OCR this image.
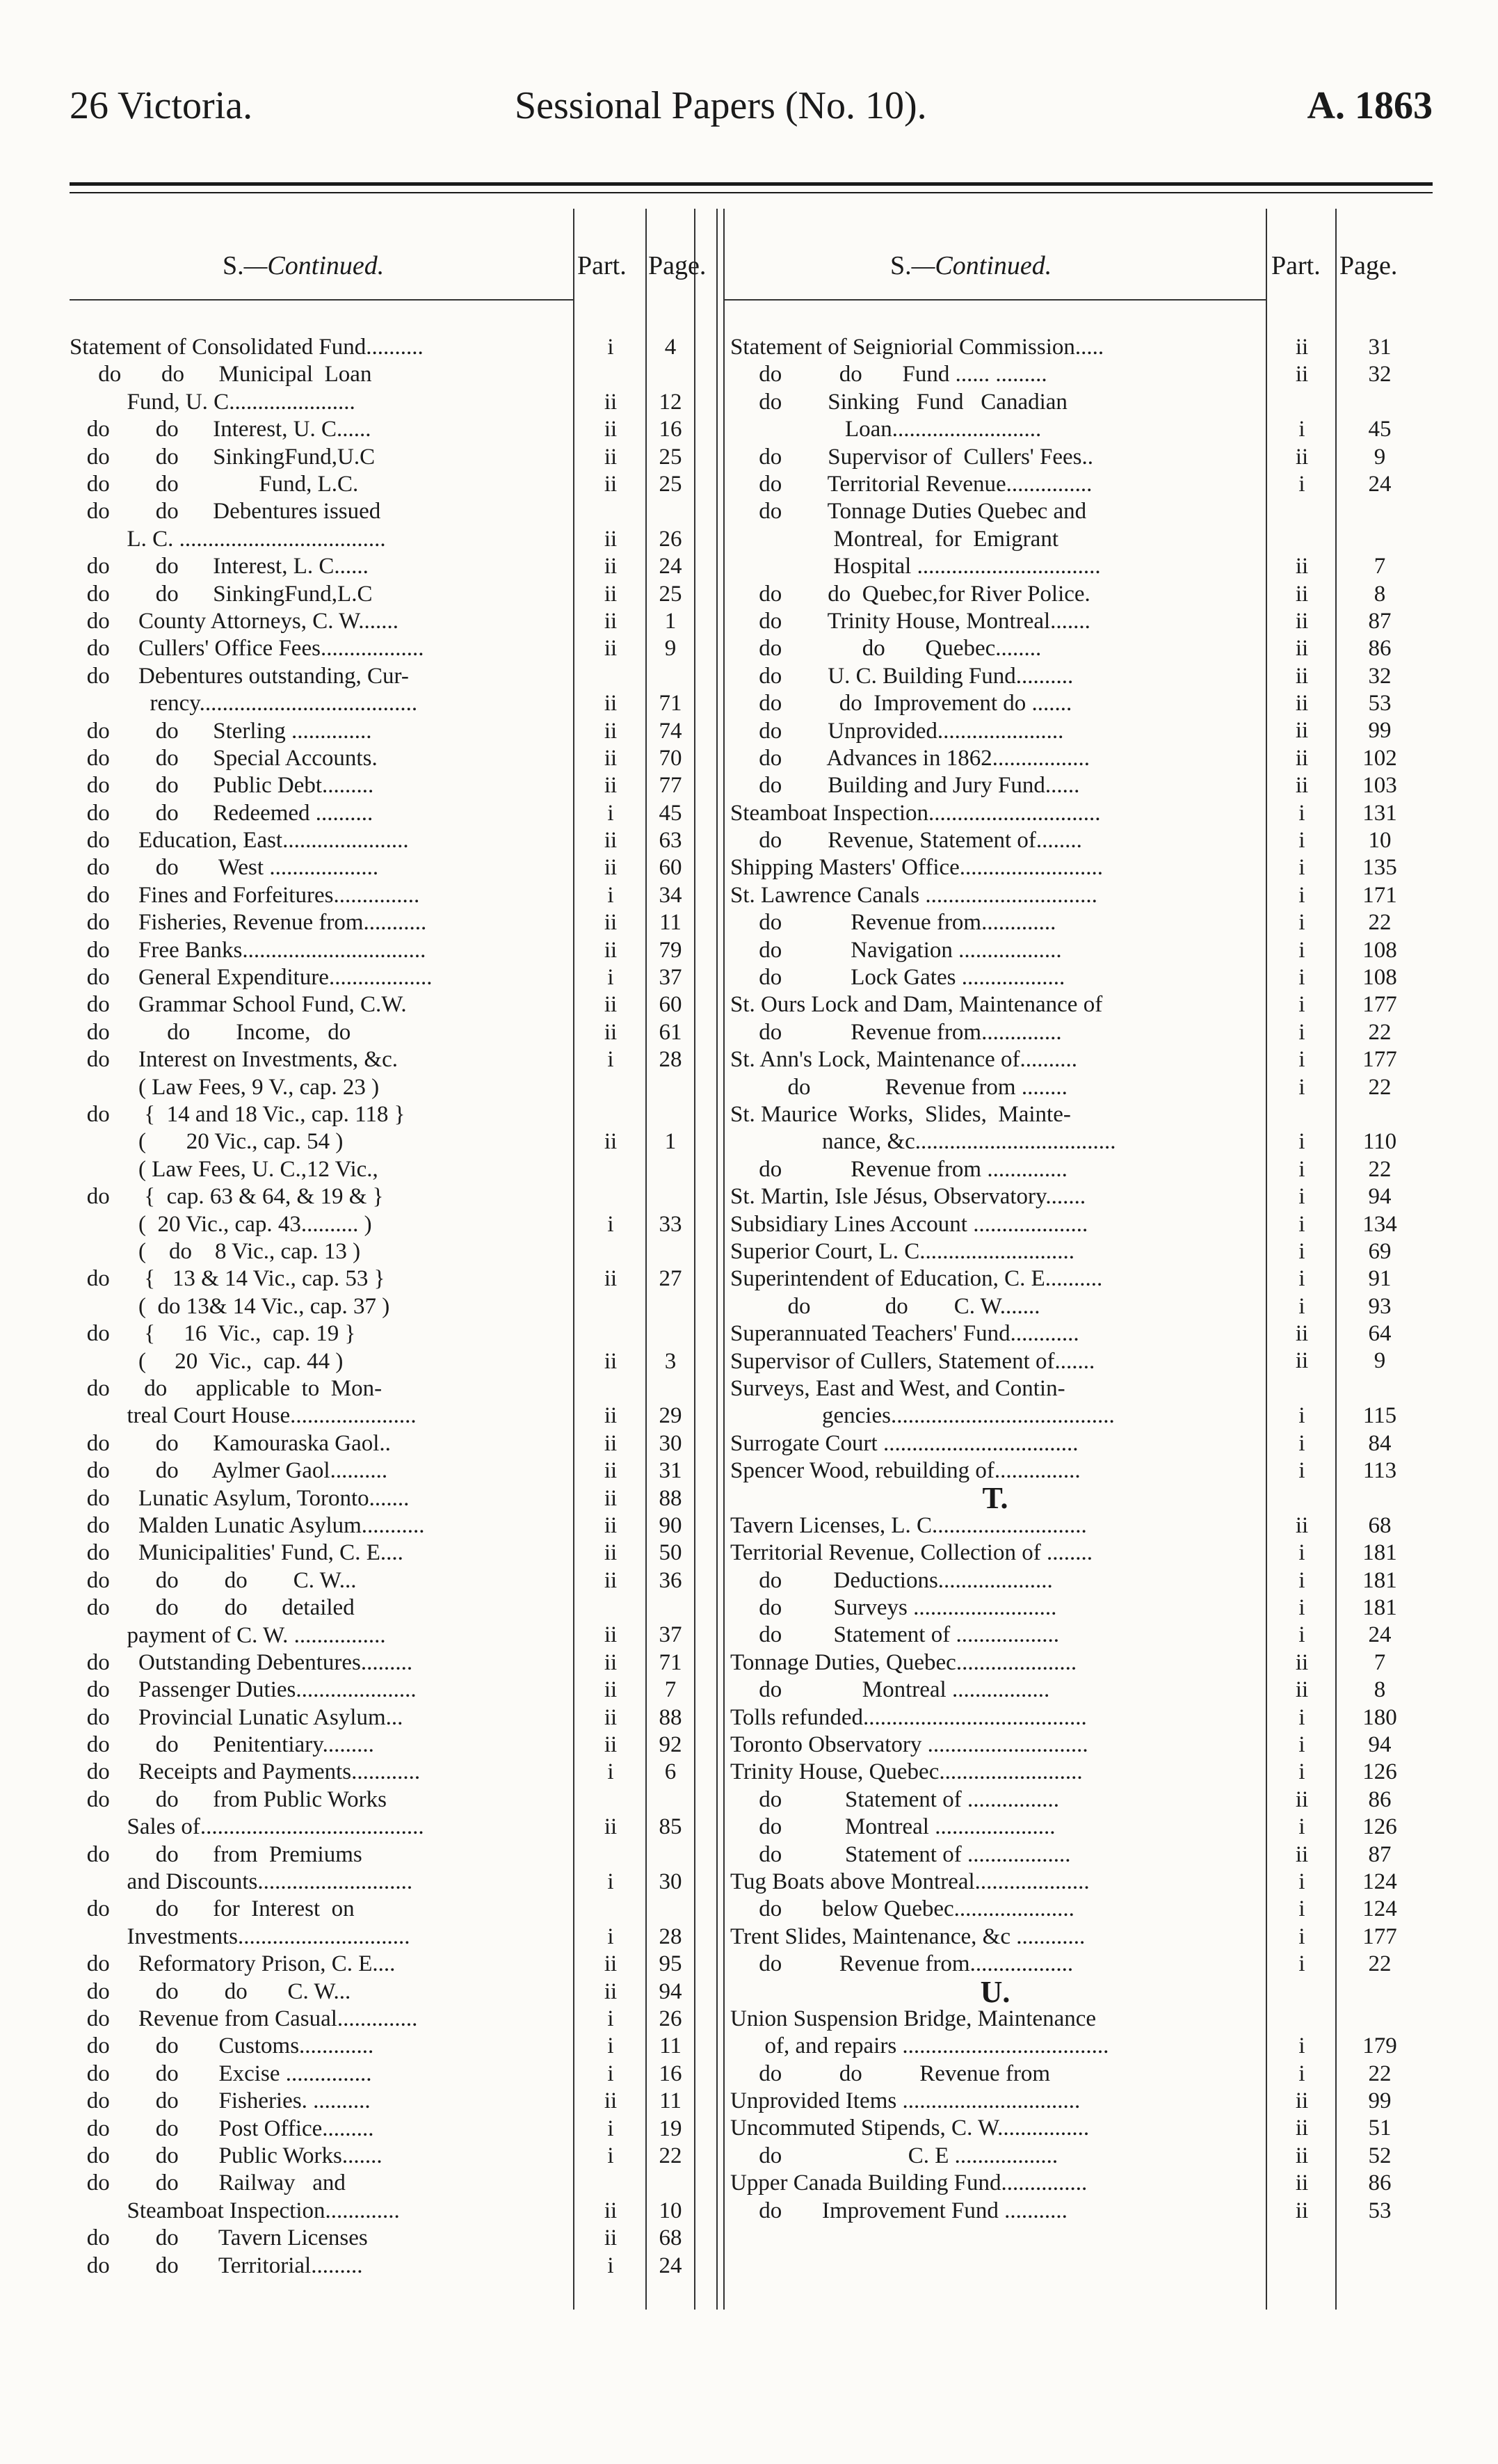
26 Victoria.	Sessional Papers (No. 10).	A. 1863
S.—Continued.	Part. Page.
Statement of Consolidated Fund..........	i	4
do       do      Municipal  Loan
Fund, U. C......................	ii	12
do        do      Interest, U. C......	ii	16
do        do      SinkingFund,U.C	ii	25
do        do              Fund, L.C.	ii	25
do        do      Debentures issued
L. C. ....................................	ii	26
do        do      Interest, L. C......	ii	24
do        do      SinkingFund,L.C	ii	25
do     County Attorneys, C. W.......	ii	1
do     Cullers' Office Fees..................	ii	9
do     Debentures outstanding, Cur-
rency......................................	ii	71
do        do      Sterling ..............	ii	74
do        do      Special Accounts.	ii	70
do        do      Public Debt.........	ii	77
do        do      Redeemed ..........	i	45
do     Education, East......................	ii	63
do        do       West ...................	ii	60
do     Fines and Forfeitures...............	i	34
do     Fisheries, Revenue from...........	ii	11
do     Free Banks................................	ii	79
do     General Expenditure..................	i	37
do     Grammar School Fund, C.W.	ii	60
do          do        Income,   do	ii	61
do     Interest on Investments, &c.	i	28
( Law Fees, 9 V., cap. 23 )
do      {  14 and 18 Vic., cap. 118 }
(       20 Vic., cap. 54 )	ii	1
( Law Fees, U. C.,12 Vic.,
do      {  cap. 63 & 64, & 19 & }
(  20 Vic., cap. 43.......... )	i	33
(    do    8 Vic., cap. 13 )
do      {   13 & 14 Vic., cap. 53 }	ii	27
(  do 13& 14 Vic., cap. 37 )
do      {     16  Vic.,  cap. 19 }
(     20  Vic.,  cap. 44 )	ii	3
do      do     applicable  to  Mon-
treal Court House......................	ii	29
do        do      Kamouraska Gaol..	ii	30
do        do      Aylmer Gaol..........	ii	31
do     Lunatic Asylum, Toronto.......	ii	88
do     Malden Lunatic Asylum...........	ii	90
do     Municipalities' Fund, C. E....	ii	50
do        do        do        C. W...	ii	36
do        do        do      detailed
payment of C. W. ................	ii	37
do     Outstanding Debentures.........	ii	71
do     Passenger Duties.....................	ii	7
do     Provincial Lunatic Asylum...	ii	88
do        do      Penitentiary.........	ii	92
do     Receipts and Payments............	i	6
do        do      from Public Works
Sales of.......................................	ii	85
do        do      from  Premiums
and Discounts...........................	i	30
do        do      for  Interest  on
Investments..............................	i	28
do     Reformatory Prison, C. E....	ii	95
do        do        do       C. W...	ii	94
do     Revenue from Casual..............	i	26
do        do       Customs.............	i	11
do        do       Excise ...............	i	16
do        do       Fisheries. ..........	ii	11
do        do       Post Office.........	i	19
do        do       Public Works.......	i	22
do        do       Railway   and
Steamboat Inspection.............	ii	10
do        do       Tavern Licenses	ii	68
do        do       Territorial.........	i	24
S.—Continued.	Part. Page.
Statement of Seigniorial Commission.....	ii	31
do          do       Fund ...... .........	ii	32
do        Sinking   Fund   Canadian
Loan..........................	i	45
do        Supervisor of  Cullers' Fees..	ii	9
do        Territorial Revenue...............	i	24
do        Tonnage Duties Quebec and
Montreal,  for  Emigrant
Hospital ................................	ii	7
do        do  Quebec,for River Police.	ii	8
do        Trinity House, Montreal.......	ii	87
do              do       Quebec........	ii	86
do        U. C. Building Fund..........	ii	32
do          do  Improvement do .......	ii	53
do        Unprovided......................	ii	99
do        Advances in 1862.................	ii	102
do        Building and Jury Fund......	ii	103
Steamboat Inspection..............................	i	131
do        Revenue, Statement of........	i	10
Shipping Masters' Office.........................	i	135
St. Lawrence Canals ..............................	i	171
do            Revenue from.............	i	22
do            Navigation ..................	i	108
do            Lock Gates ..................	i	108
St. Ours Lock and Dam, Maintenance of	i	177
do            Revenue from..............	i	22
St. Ann's Lock, Maintenance of..........	i	177
do             Revenue from ........	i	22
St. Maurice  Works,  Slides,  Mainte-
nance, &c...................................	i	110
do            Revenue from ..............	i	22
St. Martin, Isle Jésus, Observatory.......	i	94
Subsidiary Lines Account ....................	i	134
Superior Court, L. C...........................	i	69
Superintendent of Education, C. E..........	i	91
do             do        C. W.......	i	93
Superannuated Teachers' Fund............	ii	64
Supervisor of Cullers, Statement of.......	ii	9
Surveys, East and West, and Contin-
gencies.......................................	i	115
Surrogate Court ..................................	i	84
Spencer Wood, rebuilding of...............	i	113
T.
Tavern Licenses, L. C...........................	ii	68
Territorial Revenue, Collection of ........	i	181
do         Deductions....................	i	181
do         Surveys .........................	i	181
do         Statement of ..................	i	24
Tonnage Duties, Quebec.....................	ii	7
do              Montreal .................	ii	8
Tolls refunded.......................................	i	180
Toronto Observatory ............................	i	94
Trinity House, Quebec.........................	i	126
do           Statement of ................	ii	86
do           Montreal .....................	i	126
do           Statement of ..................	ii	87
Tug Boats above Montreal....................	i	124
do       below Quebec.....................	i	124
Trent Slides, Maintenance, &c ............	i	177
do          Revenue from..................	i	22
U.
Union Suspension Bridge, Maintenance
of, and repairs ....................................	i	179
do          do          Revenue from	i	22
Unprovided Items ...............................	ii	99
Uncommuted Stipends, C. W................	ii	51
do                      C. E ..................	ii	52
Upper Canada Building Fund...............	ii	86
do       Improvement Fund ...........	ii	53
